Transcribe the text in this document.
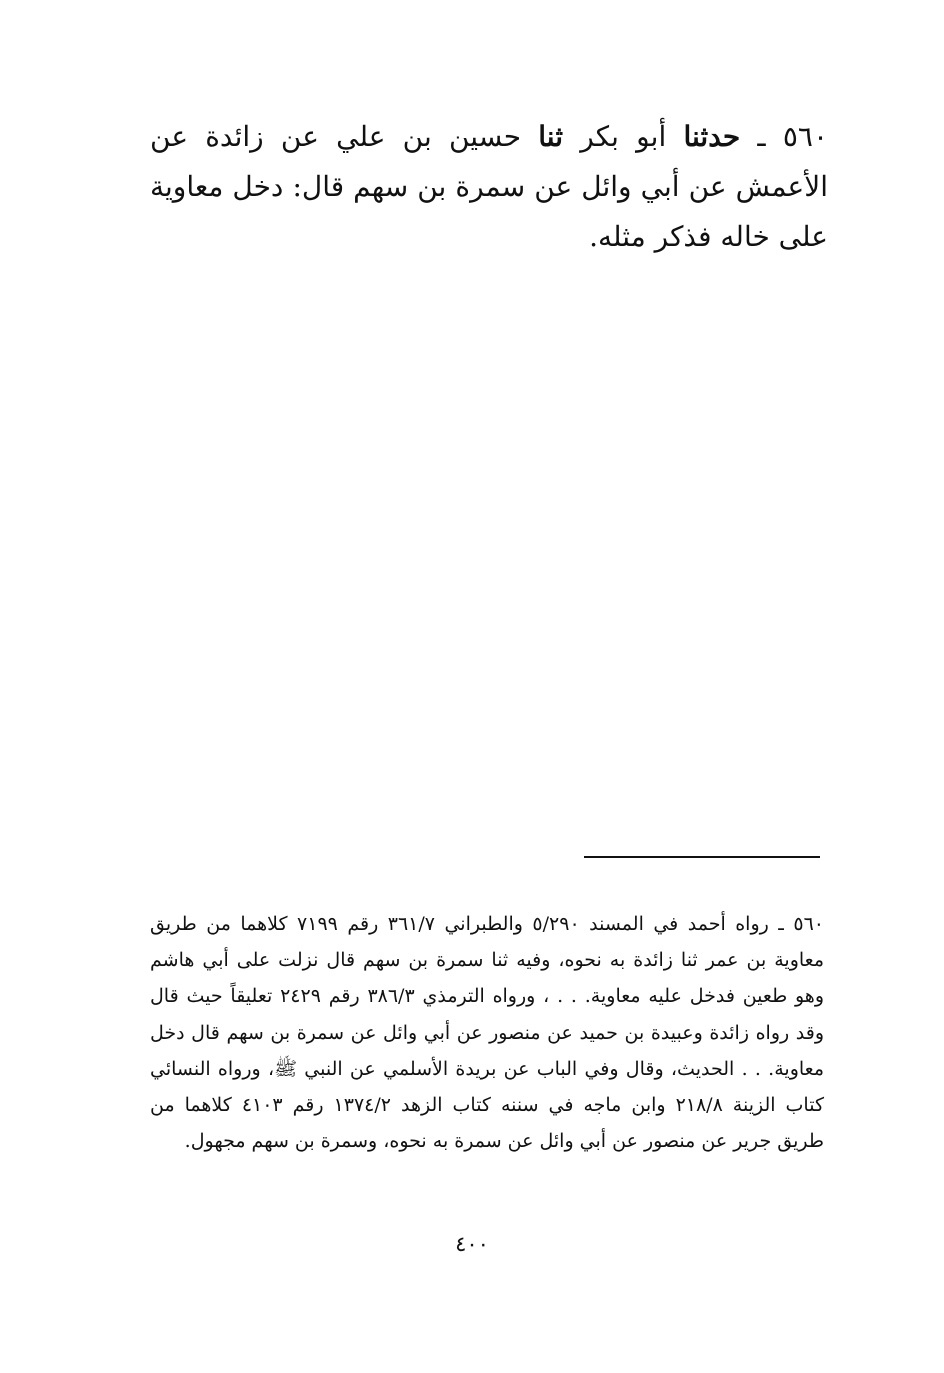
٥٦٠ ـ حدثنا أبو بكر ثنا حسين بن علي عن زائدة عن الأعمش عن أبي وائل عن سمرة بن سهم قال: دخل معاوية على خاله فذكر مثله.
٥٦٠ ـ رواه أحمد في المسند ٥/٢٩٠ والطبراني ٣٦١/٧ رقم ٧١٩٩ كلاهما من طريق معاوية بن عمر ثنا زائدة به نحوه، وفيه ثنا سمرة بن سهم قال نزلت على أبي هاشم وهو طعين فدخل عليه معاوية. . . ، ورواه الترمذي ٣٨٦/٣ رقم ٢٤٢٩ تعليقاً حيث قال وقد رواه زائدة وعبيدة بن حميد عن منصور عن أبي وائل عن سمرة بن سهم قال دخل معاوية. . . الحديث، وقال وفي الباب عن بريدة الأسلمي عن النبي ﷺ، ورواه النسائي كتاب الزينة ٢١٨/٨ وابن ماجه في سننه كتاب الزهد ١٣٧٤/٢ رقم ٤١٠٣ كلاهما من طريق جرير عن منصور عن أبي وائل عن سمرة به نحوه، وسمرة بن سهم مجهول.
٤٠٠
